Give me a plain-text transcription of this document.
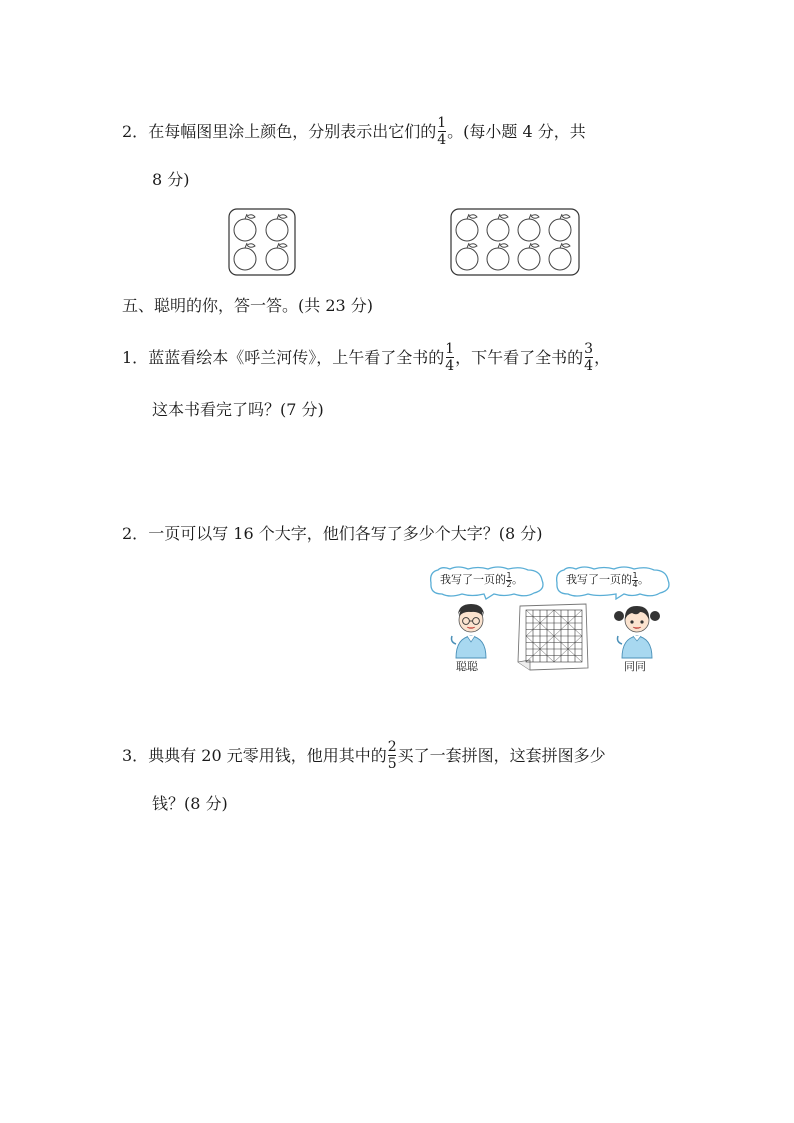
2．在每幅图里涂上颜色，分别表示出它们的 $\frac{1}{4}$ 。(每小题 4 分，共
8 分)
五、聪明的你，答一答。(共 23 分)
1．蓝蓝看绘本《呼兰河传》，上午看了全书的 $\frac{1}{4}$ ，下午看了全书的 $\frac{3}{4}$ ，
这本书看完了吗？(7 分)
2．一页可以写 16 个大字，他们各写了多少个大字？(8 分)
我写了一页的 $\frac{1}{2}$ 。	我写了一页的 $\frac{1}{4}$ 。
聪聪	同同
3．典典有 20 元零用钱，他用其中的 $\frac{2}{5}$ 买了一套拼图，这套拼图多少
钱？(8 分)
